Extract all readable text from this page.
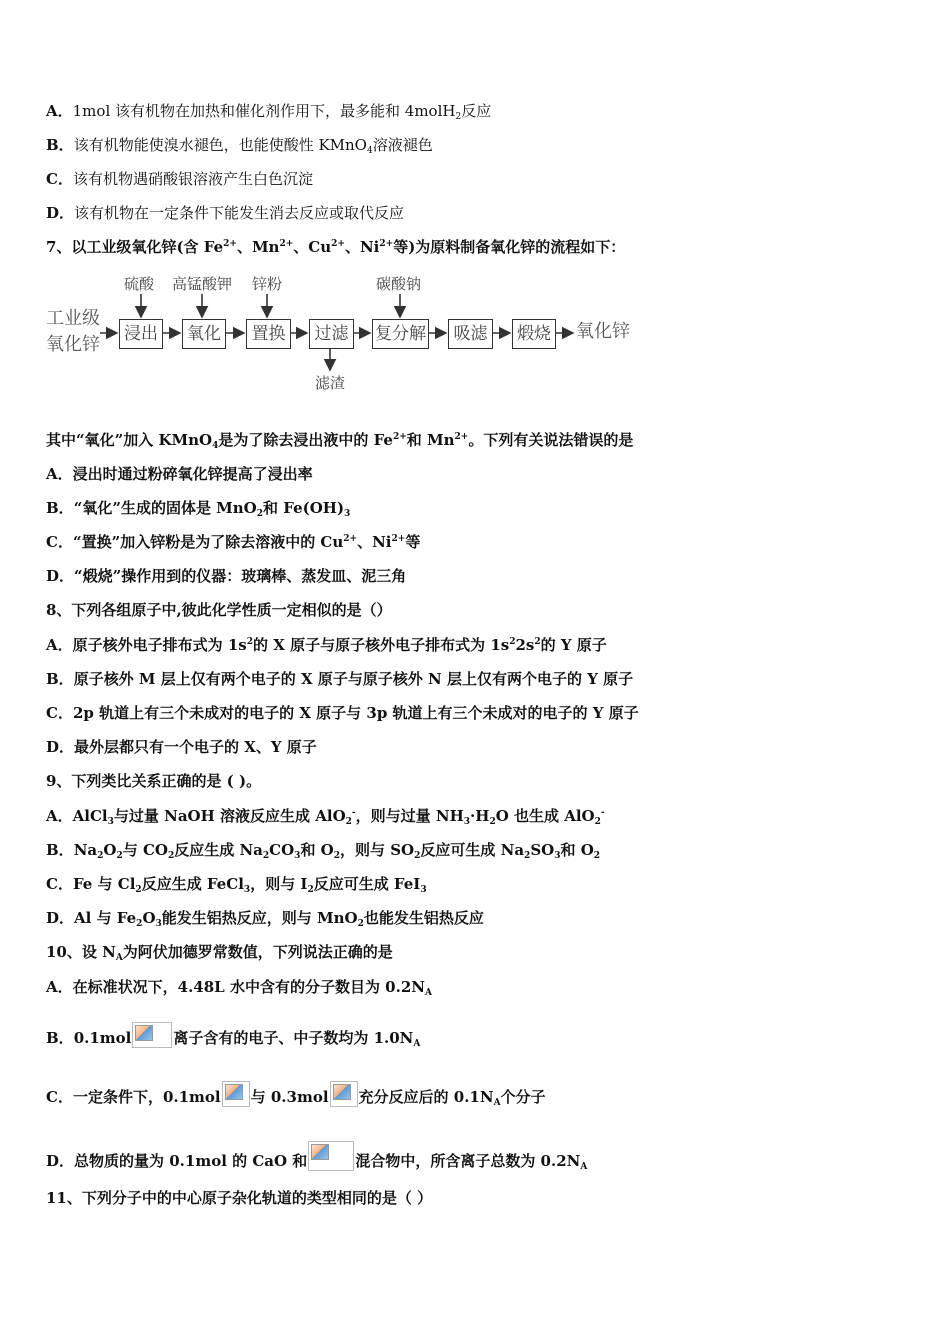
A．1mol 该有机物在加热和催化剂作用下，最多能和 4molH$_2$反应
B．该有机物能使溴水褪色，也能使酸性 KMnO$_4$溶液褪色
C．该有机物遇硝酸银溶液产生白色沉淀
D．该有机物在一定条件下能发生消去反应或取代反应
7、以工业级氧化锌(含 $Fe^{2+}$、$Mn^{2+}$、$Cu^{2+}$、$Ni^{2+}$等)为原料制备氧化锌的流程如下：
工业级
氧化锌 浸出 氧化	置换	过滤	复分解	吸滤	煅烧 氧化锌
硫酸 高锰酸钾 锌粉	碳酸钠
滤渣
其中“氧化”加入 KMnO$_4$是为了除去浸出液中的 $Fe^{2+}$和 $Mn^{2+}$。下列有关说法错误的是
A．浸出时通过粉碎氧化锌提高了浸出率
B．“氧化”生成的固体是 MnO$_2$和 $Fe(OH)_3$
C．“置换”加入锌粉是为了除去溶液中的 $Cu^{2+}$、$Ni^{2+}$等
D．“煅烧”操作用到的仪器：玻璃棒、蒸发皿、泥三角
8、下列各组原子中,彼此化学性质一定相似的是（）
A．原子核外电子排布式为 $1s^2$的 X 原子与原子核外电子排布式为 $1s^22s^2$的 Y 原子
B．原子核外 M 层上仅有两个电子的 X 原子与原子核外 N 层上仅有两个电子的 Y 原子
C．2p 轨道上有三个未成对的电子的 X 原子与 3p 轨道上有三个未成对的电子的 Y 原子
D．最外层都只有一个电子的 X、Y 原子
9、下列类比关系正确的是 ( )。
A．AlCl$_3$与过量 NaOH 溶液反应生成 AlO$_2$-，则与过量 $NH_3\cdot H_2O$ 也生成 AlO$_2$-
B．$Na_2O_2$与 $CO_2$反应生成 $Na_2CO_3$和 $O_2$，则与 $SO_2$反应可生成 $Na_2SO_3$和 $O_2$
C．Fe 与 $Cl_2$反应生成 FeCl$_3$，则与 $I_2$反应可生成 FeI$_3$
D．Al 与 $Fe_2O_3$能发生铝热反应，则与 MnO$_2$也能发生铝热反应
10、设 $N_A$为阿伏加德罗常数值，下列说法正确的是
A．在标准状况下，4.48L 水中含有的分子数目为 $0.2N_A$
B．0.1mol	离子含有的电子、中子数均为 $1.0N_A$
C．一定条件下，0.1mol 与 0.3mol 充分反应后的 $0.1N_A$个分子
D．总物质的量为 0.1mol 的 CaO 和	混合物中，所含离子总数为 $0.2N_A$
11、下列分子中的中心原子杂化轨道的类型相同的是（ ）
